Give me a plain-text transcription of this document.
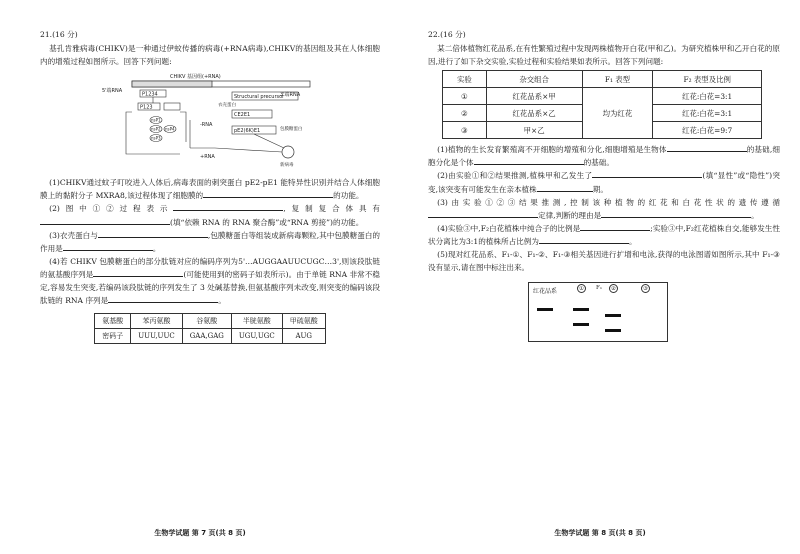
21.(16 分)

基孔肯雅病毒(CHIKV)是一种通过伊蚊传播的病毒(+RNA病毒),CHIKV的基因组及其在人体细胞内的增殖过程如图所示。回答下列问题:

CHIKV 基因组(+RNA)
5'端RNA
3'端RNA
P1234
P123
nsP1
nsP2
nsP3
nsP4
-RNA
+RNA
Structural precursor
衣壳蛋白
CE2E1
pE2(6K)E1	包膜糖蛋白
新病毒

(1)CHIKV通过蚊子叮咬进入人体后,病毒表面的刺突蛋白 pE2-pE1 能特异性识别并结合人体细胞膜上的黏附分子 MXRA8,该过程体现了细胞膜的	的功能。

(2)图中①②过程表示	,复制复合体具有(填“依赖 RNA 的 RNA 聚合酶”或“RNA 剪接”)的功能。

(3)衣壳蛋白与	,包膜糖蛋白等组装成新病毒颗粒,其中包膜糖蛋白的作用是	。

(4)若 CHIKV 包膜糖蛋白的部分肽链对应的编码序列为5'…AUGGAAUUCUGC…3',则该段肽链的氨基酸序列是	(可能使用到的密码子如表所示)。由于单链 RNA 非常不稳定,容易发生突变,若编码该段肽链的序列发生了 3 处碱基替换,但氨基酸序列未改变,则突变的编码该段肽链的 RNA 序列是	。

氨基酸	苯丙氨酸	谷氨酸	半胱氨酸	甲硫氨酸
密码子	UUU,UUC	GAA,GAG	UGU,UGC	AUG
生物学试题 第 7 页(共 8 页)
22.(16 分)

某二倍体植物红花品系,在有性繁殖过程中发现两株植物开白花(甲和乙)。为研究植株甲和乙开白花的原因,进行了如下杂交实验,实验过程和实验结果如表所示。回答下列问题:

实验	杂交组合	F₁ 表型	F₂ 表型及比例
①	红花品系×甲	均为红花	红花:白花=3:1
②	红花品系×乙		红花:白花=3:1
③	甲×乙		红花:白花=9:7

(1)植物的生长发育繁殖离不开细胞的增殖和分化,细胞增殖是生物体	的基础,细胞分化是个体	的基础。

(2)由实验①和②结果推测,植株甲和乙发生了	(填“显性”或“隐性”)突变,该突变有可能发生在亲本植株	期。

(3)由实验①②③结果推测,控制该种植物的红花和白花性状的遗传遵循定律,判断的理由是	。

(4)实验③中,F₂白花植株中纯合子的比例是	;实验③中,F₂红花植株自交,能够发生性状分离比为3:1的植株所占比例为	。

(5)现对红花品系、F₁-①、F₁-②、F₁-③相关基因进行扩增和电泳,获得的电泳图谱如图所示,其中 F₁-③没有显示,请在图中标注出来。

F₁
红花品系	①	②	③
生物学试题 第 8 页(共 8 页)
